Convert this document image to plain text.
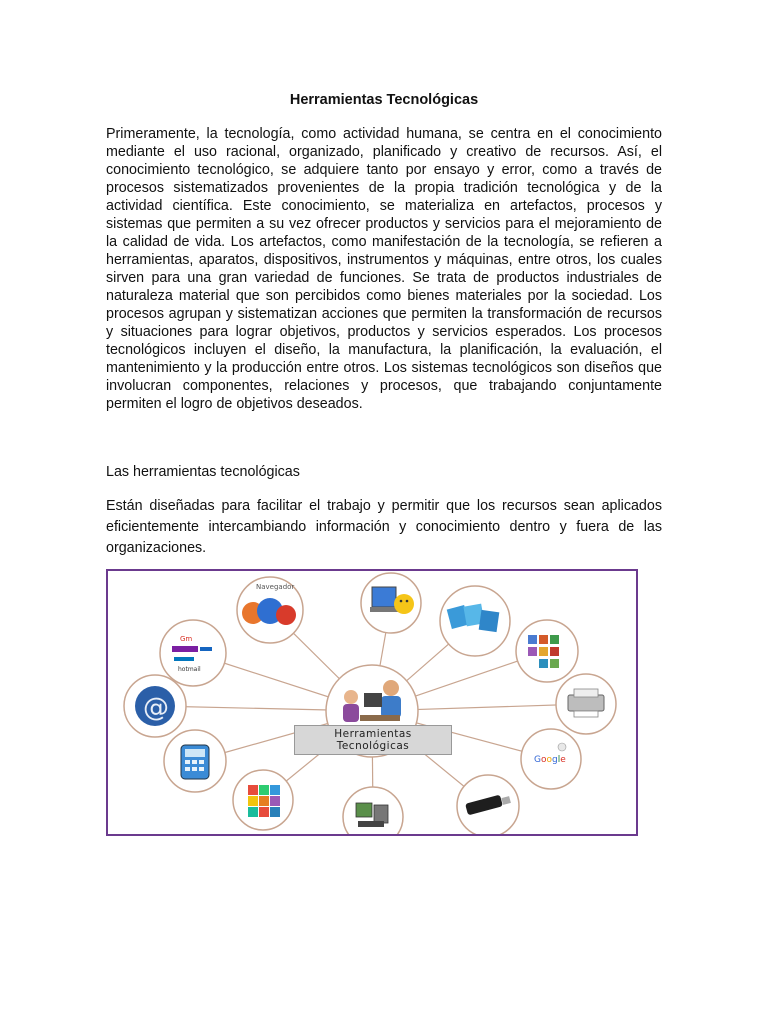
Herramientas Tecnológicas

Primeramente, la tecnología, como actividad humana, se centra en el conocimiento mediante el uso racional, organizado, planificado y creativo de recursos. Así, el conocimiento tecnológico, se adquiere tanto por ensayo y error, como a través de procesos sistematizados provenientes de la propia tradición tecnológica y de la actividad científica. Este conocimiento, se materializa en artefactos, procesos y sistemas que permiten a su vez ofrecer productos y servicios para el mejoramiento de la calidad de vida. Los artefactos, como manifestación de la tecnología, se refieren a herramientas, aparatos, dispositivos, instrumentos y máquinas, entre otros, los cuales sirven para una gran variedad de funciones. Se trata de productos industriales de naturaleza material que son percibidos como bienes materiales por la sociedad. Los procesos agrupan y sistematizan acciones que permiten la transformación de recursos y situaciones para lograr objetivos, productos y servicios esperados. Los procesos tecnológicos incluyen el diseño, la manufactura, la planificación, la evaluación, el mantenimiento y la producción entre otros. Los sistemas tecnológicos son diseños que involucran componentes, relaciones y procesos, que trabajando conjuntamente permiten el logro de objetivos deseados.

Las herramientas tecnológicas

Están diseñadas para facilitar el trabajo y permitir que los recursos sean aplicados eficientemente intercambiando información y conocimiento dentro y fuera de las organizaciones.

Navegador
Google
@
Gm
hotmail
Herramientas
Tecnológicas
